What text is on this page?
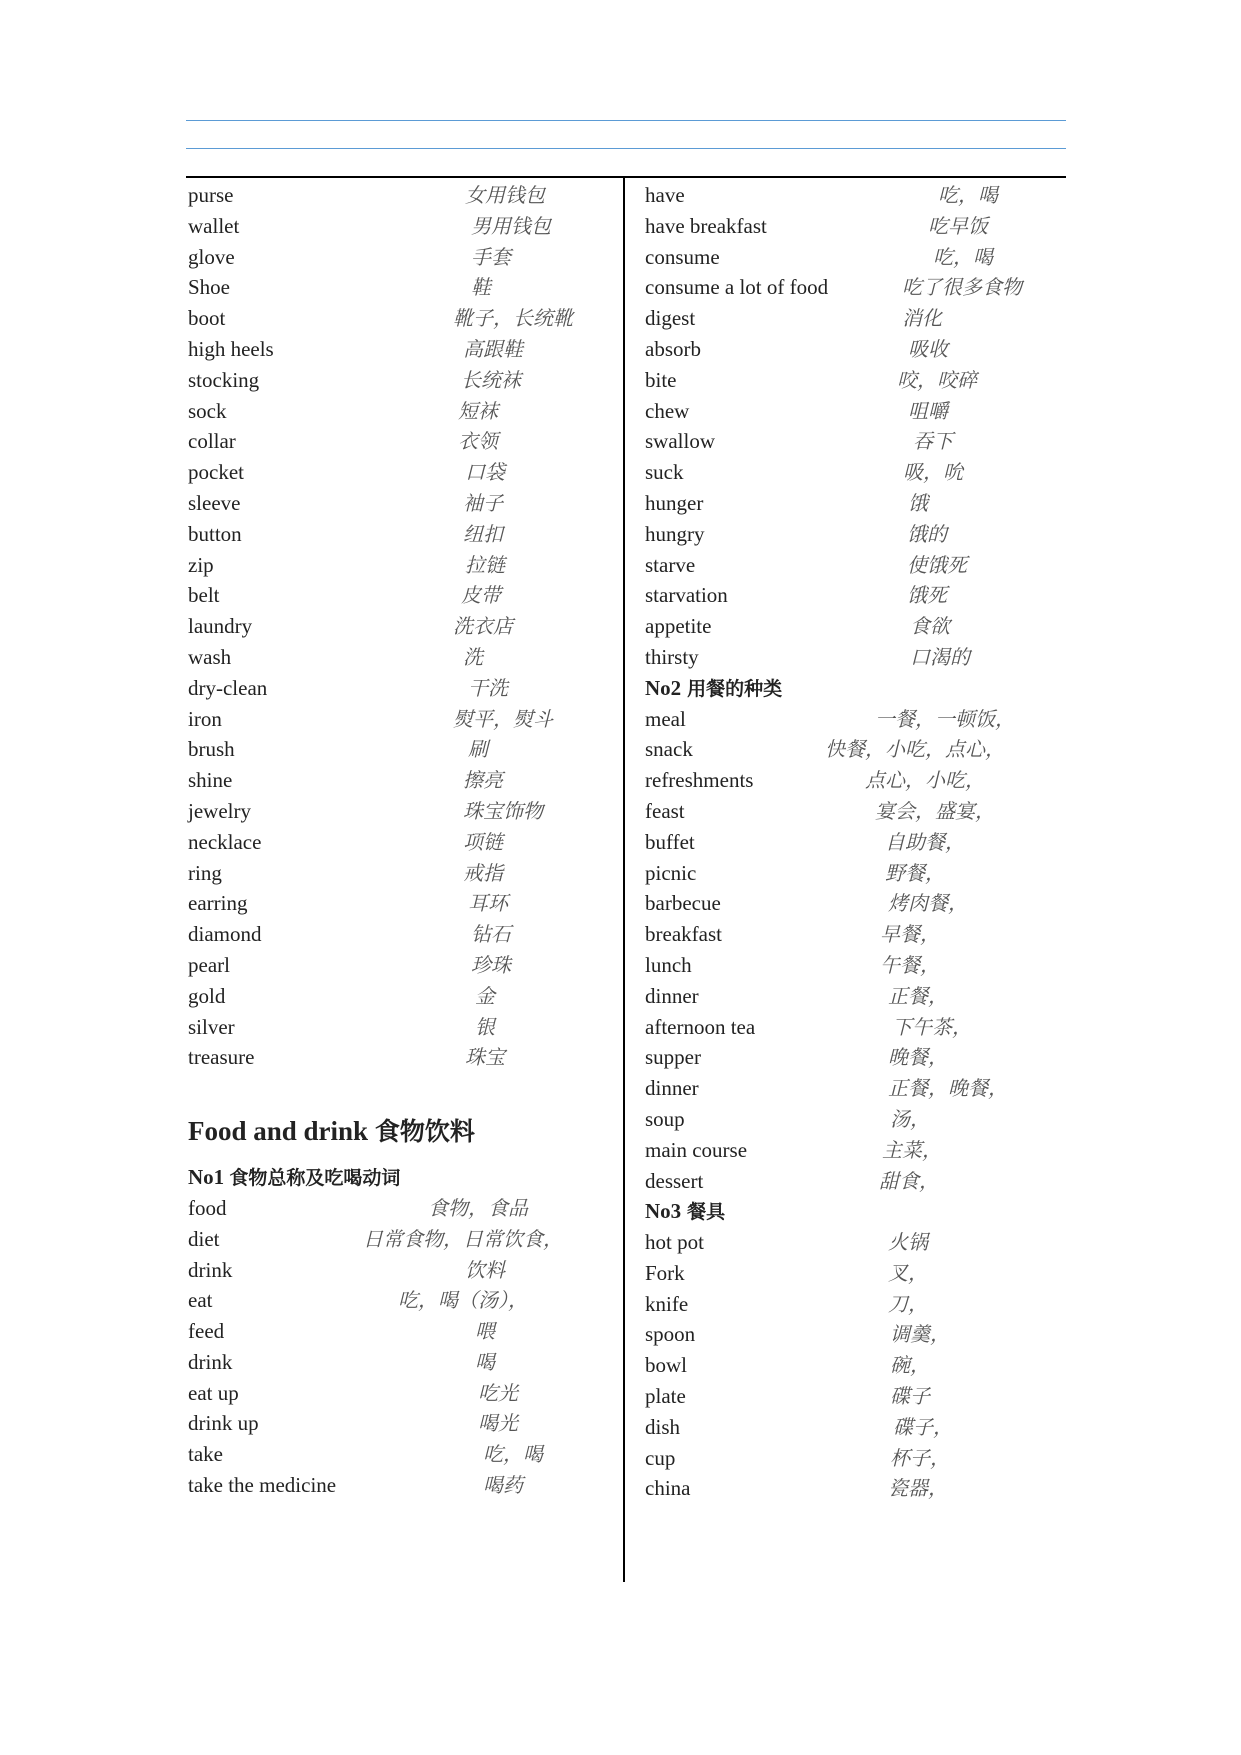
purse	女用钱包
wallet	男用钱包
glove	手套
Shoe	鞋
boot	靴子，长统靴
high heels	高跟鞋
stocking	长统袜
sock	短袜
collar	衣领
pocket	口袋
sleeve	袖子
button	纽扣
zip	拉链
belt	皮带
laundry	洗衣店
wash	洗
dry-clean	干洗
iron	熨平，熨斗
brush	刷
shine	擦亮
jewelry	珠宝饰物
necklace	项链
ring	戒指
earring	耳环
diamond	钻石
pearl	珍珠
gold	金
silver	银
treasure	珠宝
Food and drink 食物饮料
No1 食物总称及吃喝动词
food	食物，食品
diet	日常食物，日常饮食，
drink	饮料
eat	吃，喝（汤），
feed	喂
drink	喝
eat up	吃光
drink up	喝光
take	吃，喝
take the medicine	喝药
have	吃，喝
have breakfast	吃早饭
consume	吃，喝
consume a lot of food	吃了很多食物
digest	消化
absorb	吸收
bite	咬，咬碎
chew	咀嚼
swallow	吞下
suck	吸，吮
hunger	饿
hungry	饿的
starve	使饿死
starvation	饿死
appetite	食欲
thirsty	口渴的
No2 用餐的种类
meal	一餐，一顿饭，
snack	快餐，小吃，点心，
refreshments	点心，小吃，
feast	宴会，盛宴，
buffet	自助餐，
picnic	野餐，
barbecue	烤肉餐，
breakfast	早餐，
lunch	午餐，
dinner	正餐，
afternoon tea	下午茶，
supper	晚餐，
dinner	正餐，晚餐，
soup	汤，
main course	主菜，
dessert	甜食，
No3 餐具
hot pot	火锅
Fork	叉，
knife	刀，
spoon	调羹，
bowl	碗，
plate	碟子
dish	碟子，
cup	杯子，
china	瓷器，
